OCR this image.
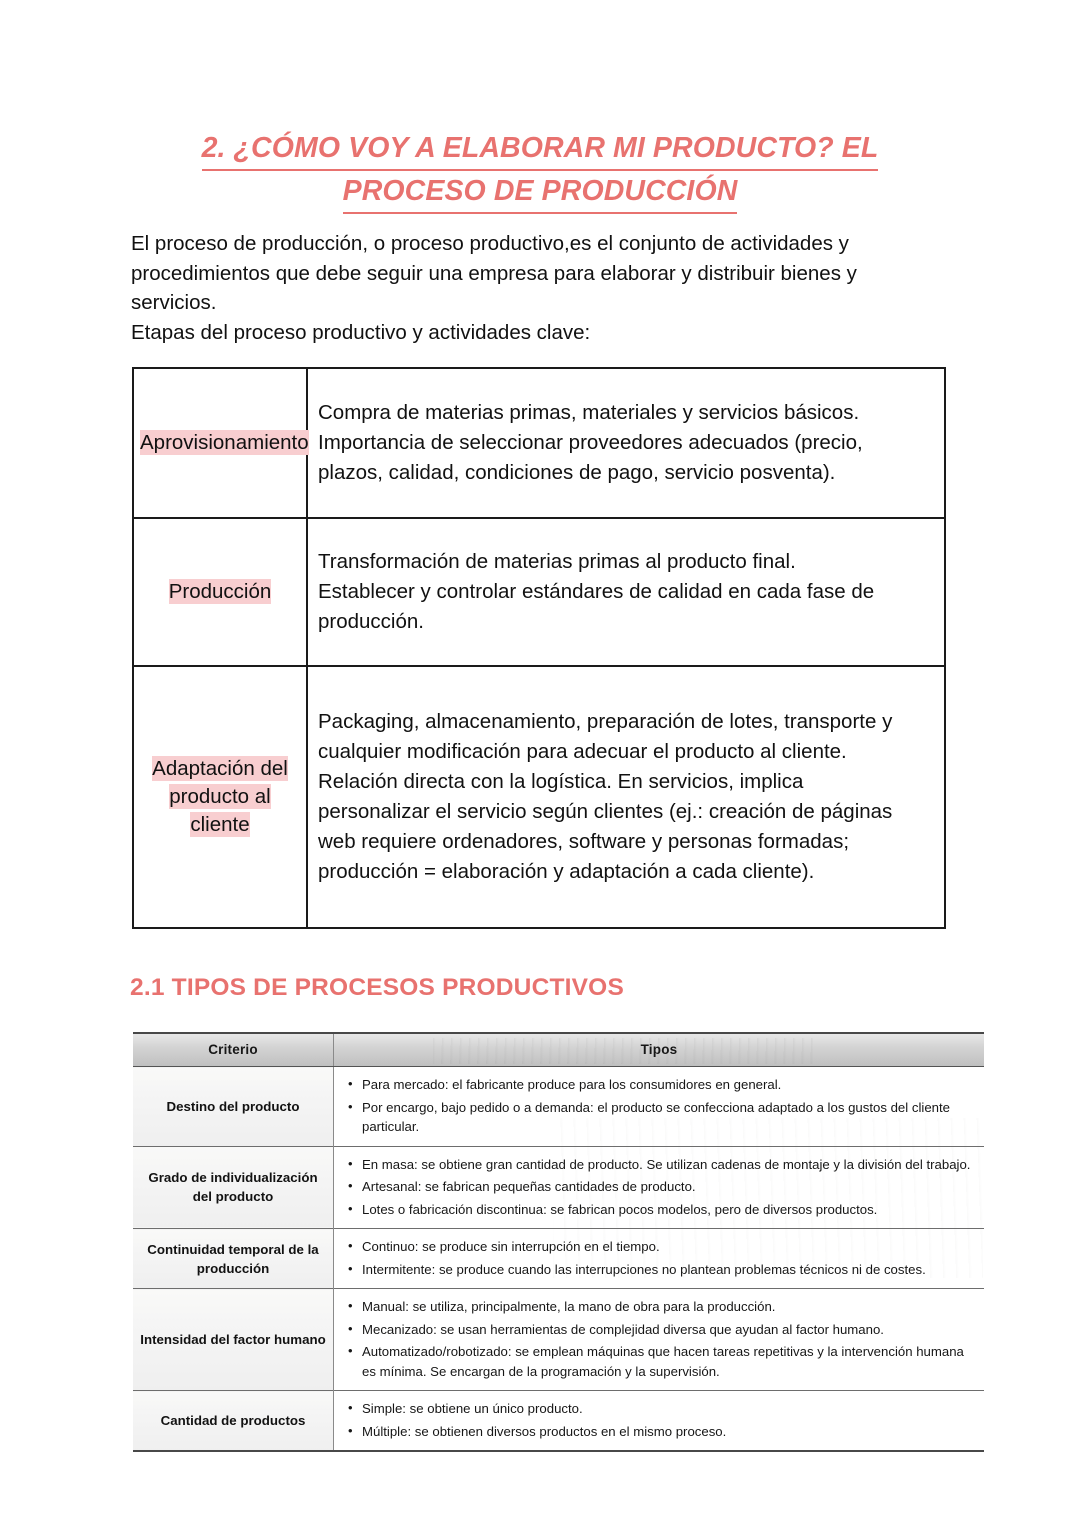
2. ¿CÓMO VOY A ELABORAR MI PRODUCTO? EL
PROCESO DE PRODUCCIÓN

El proceso de producción, o proceso productivo,es el conjunto de actividades y procedimientos que debe seguir una empresa para elaborar y distribuir bienes y servicios.

Etapas del proceso productivo y actividades clave:

Aprovisionamiento	Compra de materias primas, materiales y servicios básicos.
Importancia de seleccionar proveedores adecuados (precio,
plazos, calidad, condiciones de pago, servicio posventa).

Producción	Transformación de materias primas al producto final.
Establecer y controlar estándares de calidad en cada fase de
producción.

Adaptación del producto al cliente	
Packaging, almacenamiento, preparación de lotes, transporte y
cualquier modificación para adecuar el producto al cliente.
Relación directa con la logística. En servicios, implica
personalizar el servicio según clientes (ej.: creación de páginas
web requiere ordenadores, software y personas formadas;
producción = elaboración y adaptación a cada cliente).
2.1 TIPOS DE PROCESOS PRODUCTIVOS
Criterio	Tipos
Destino del producto	
• Para mercado: el fabricante produce para los consumidores en general.
• Por encargo, bajo pedido o a demanda: el producto se confecciona adaptado a los gustos del cliente particular.

Grado de individualización del producto	
• En masa: se obtiene gran cantidad de producto. Se utilizan cadenas de montaje y la división del trabajo.
• Artesanal: se fabrican pequeñas cantidades de producto.
• Lotes o fabricación discontinua: se fabrican pocos modelos, pero de diversos productos.

Continuidad temporal de la producción	
• Continuo: se produce sin interrupción en el tiempo.
• Intermitente: se produce cuando las interrupciones no plantean problemas técnicos ni de costes.

Intensidad del factor humano	
• Manual: se utiliza, principalmente, la mano de obra para la producción.
• Mecanizado: se usan herramientas de complejidad diversa que ayudan al factor humano.
• Automatizado/robotizado: se emplean máquinas que hacen tareas repetitivas y la intervención humana es mínima. Se encargan de la programación y la supervisión.

Cantidad de productos	
• Simple: se obtiene un único producto.
• Múltiple: se obtienen diversos productos en el mismo proceso.
